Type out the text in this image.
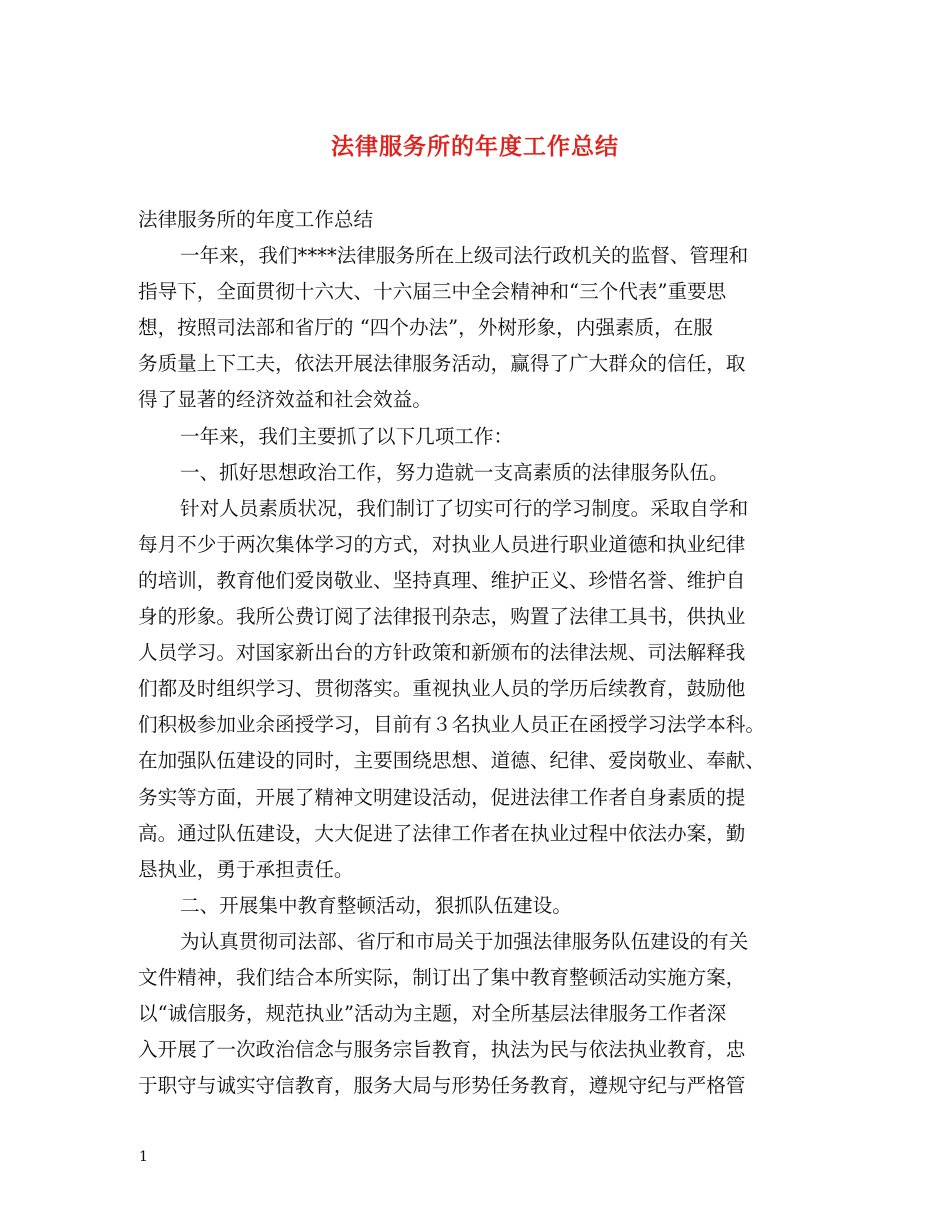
法律服务所的年度工作总结
法律服务所的年度工作总结
一年来，我们****法律服务所在上级司法行政机关的监督、管理和
指导下，全面贯彻十六大、十六届三中全会精神和“三个代表”重要思
想，按照司法部和省厅的 “四个办法”，外树形象，内强素质，在服
务质量上下工夫，依法开展法律服务活动，赢得了广大群众的信任，取
得了显著的经济效益和社会效益。
一年来，我们主要抓了以下几项工作：
一、抓好思想政治工作，努力造就一支高素质的法律服务队伍。
针对人员素质状况，我们制订了切实可行的学习制度。采取自学和
每月不少于两次集体学习的方式，对执业人员进行职业道德和执业纪律
的培训，教育他们爱岗敬业、坚持真理、维护正义、珍惜名誉、维护自
身的形象。我所公费订阅了法律报刊杂志，购置了法律工具书，供执业
人员学习。对国家新出台的方针政策和新颁布的法律法规、司法解释我
们都及时组织学习、贯彻落实。重视执业人员的学历后续教育，鼓励他
们积极参加业余函授学习，目前有３名执业人员正在函授学习法学本科。
在加强队伍建设的同时，主要围绕思想、道德、纪律、爱岗敬业、奉献、
务实等方面，开展了精神文明建设活动，促进法律工作者自身素质的提
高。通过队伍建设，大大促进了法律工作者在执业过程中依法办案，勤
恳执业，勇于承担责任。
二、开展集中教育整顿活动，狠抓队伍建设。
为认真贯彻司法部、省厅和市局关于加强法律服务队伍建设的有关
文件精神，我们结合本所实际，制订出了集中教育整顿活动实施方案，
以“诚信服务，规范执业”活动为主题，对全所基层法律服务工作者深
入开展了一次政治信念与服务宗旨教育，执法为民与依法执业教育，忠
于职守与诚实守信教育，服务大局与形势任务教育，遵规守纪与严格管
1
